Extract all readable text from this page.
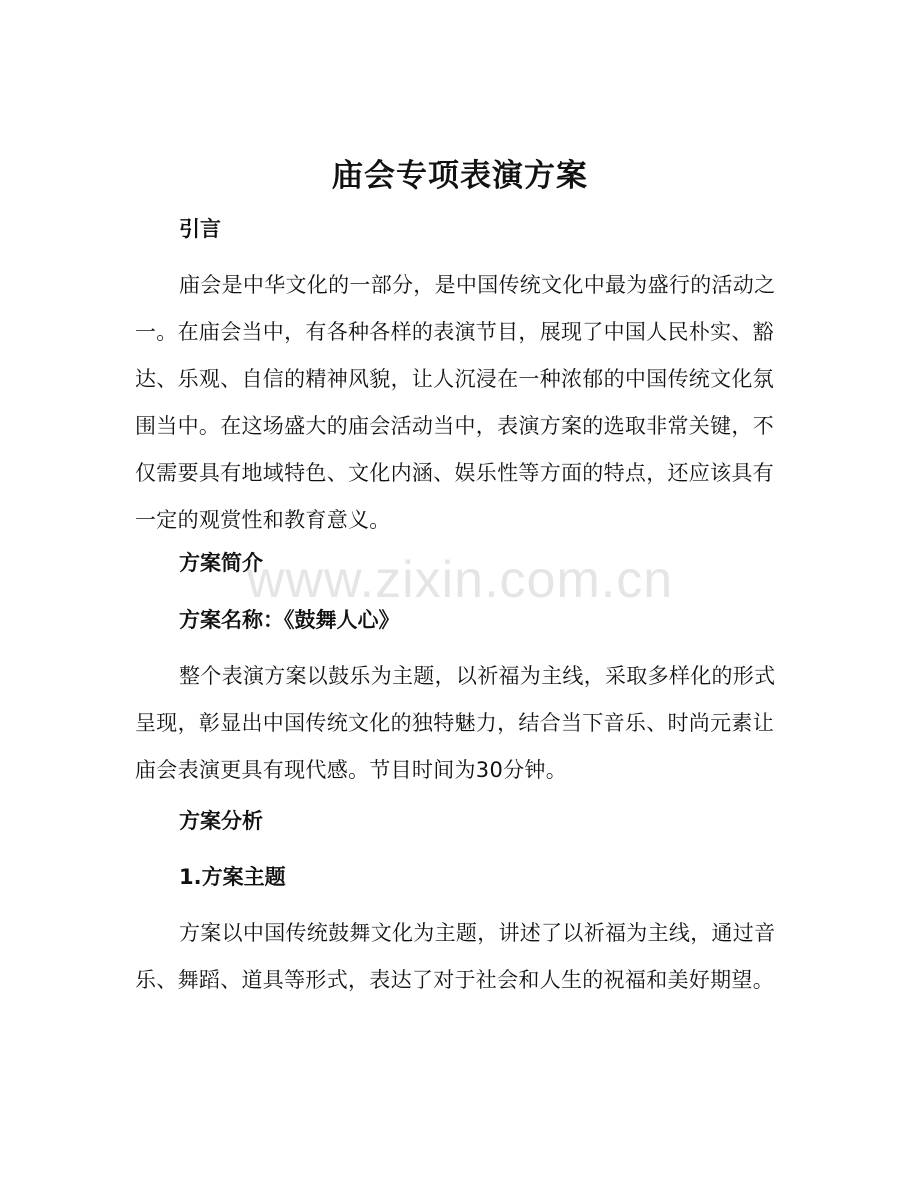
庙会专项表演方案
引言
庙会是中华文化的一部分，是中国传统文化中最为盛行的活动之一。在庙会当中，有各种各样的表演节目，展现了中国人民朴实、豁达、乐观、自信的精神风貌，让人沉浸在一种浓郁的中国传统文化氛围当中。在这场盛大的庙会活动当中，表演方案的选取非常关键，不仅需要具有地域特色、文化内涵、娱乐性等方面的特点，还应该具有一定的观赏性和教育意义。
方案简介
方案名称：《鼓舞人心》
整个表演方案以鼓乐为主题，以祈福为主线，采取多样化的形式呈现，彰显出中国传统文化的独特魅力，结合当下音乐、时尚元素让庙会表演更具有现代感。节目时间为30分钟。
方案分析
1.方案主题
方案以中国传统鼓舞文化为主题，讲述了以祈福为主线，通过音乐、舞蹈、道具等形式，表达了对于社会和人生的祝福和美好期望。
www.zixin.com.cn
